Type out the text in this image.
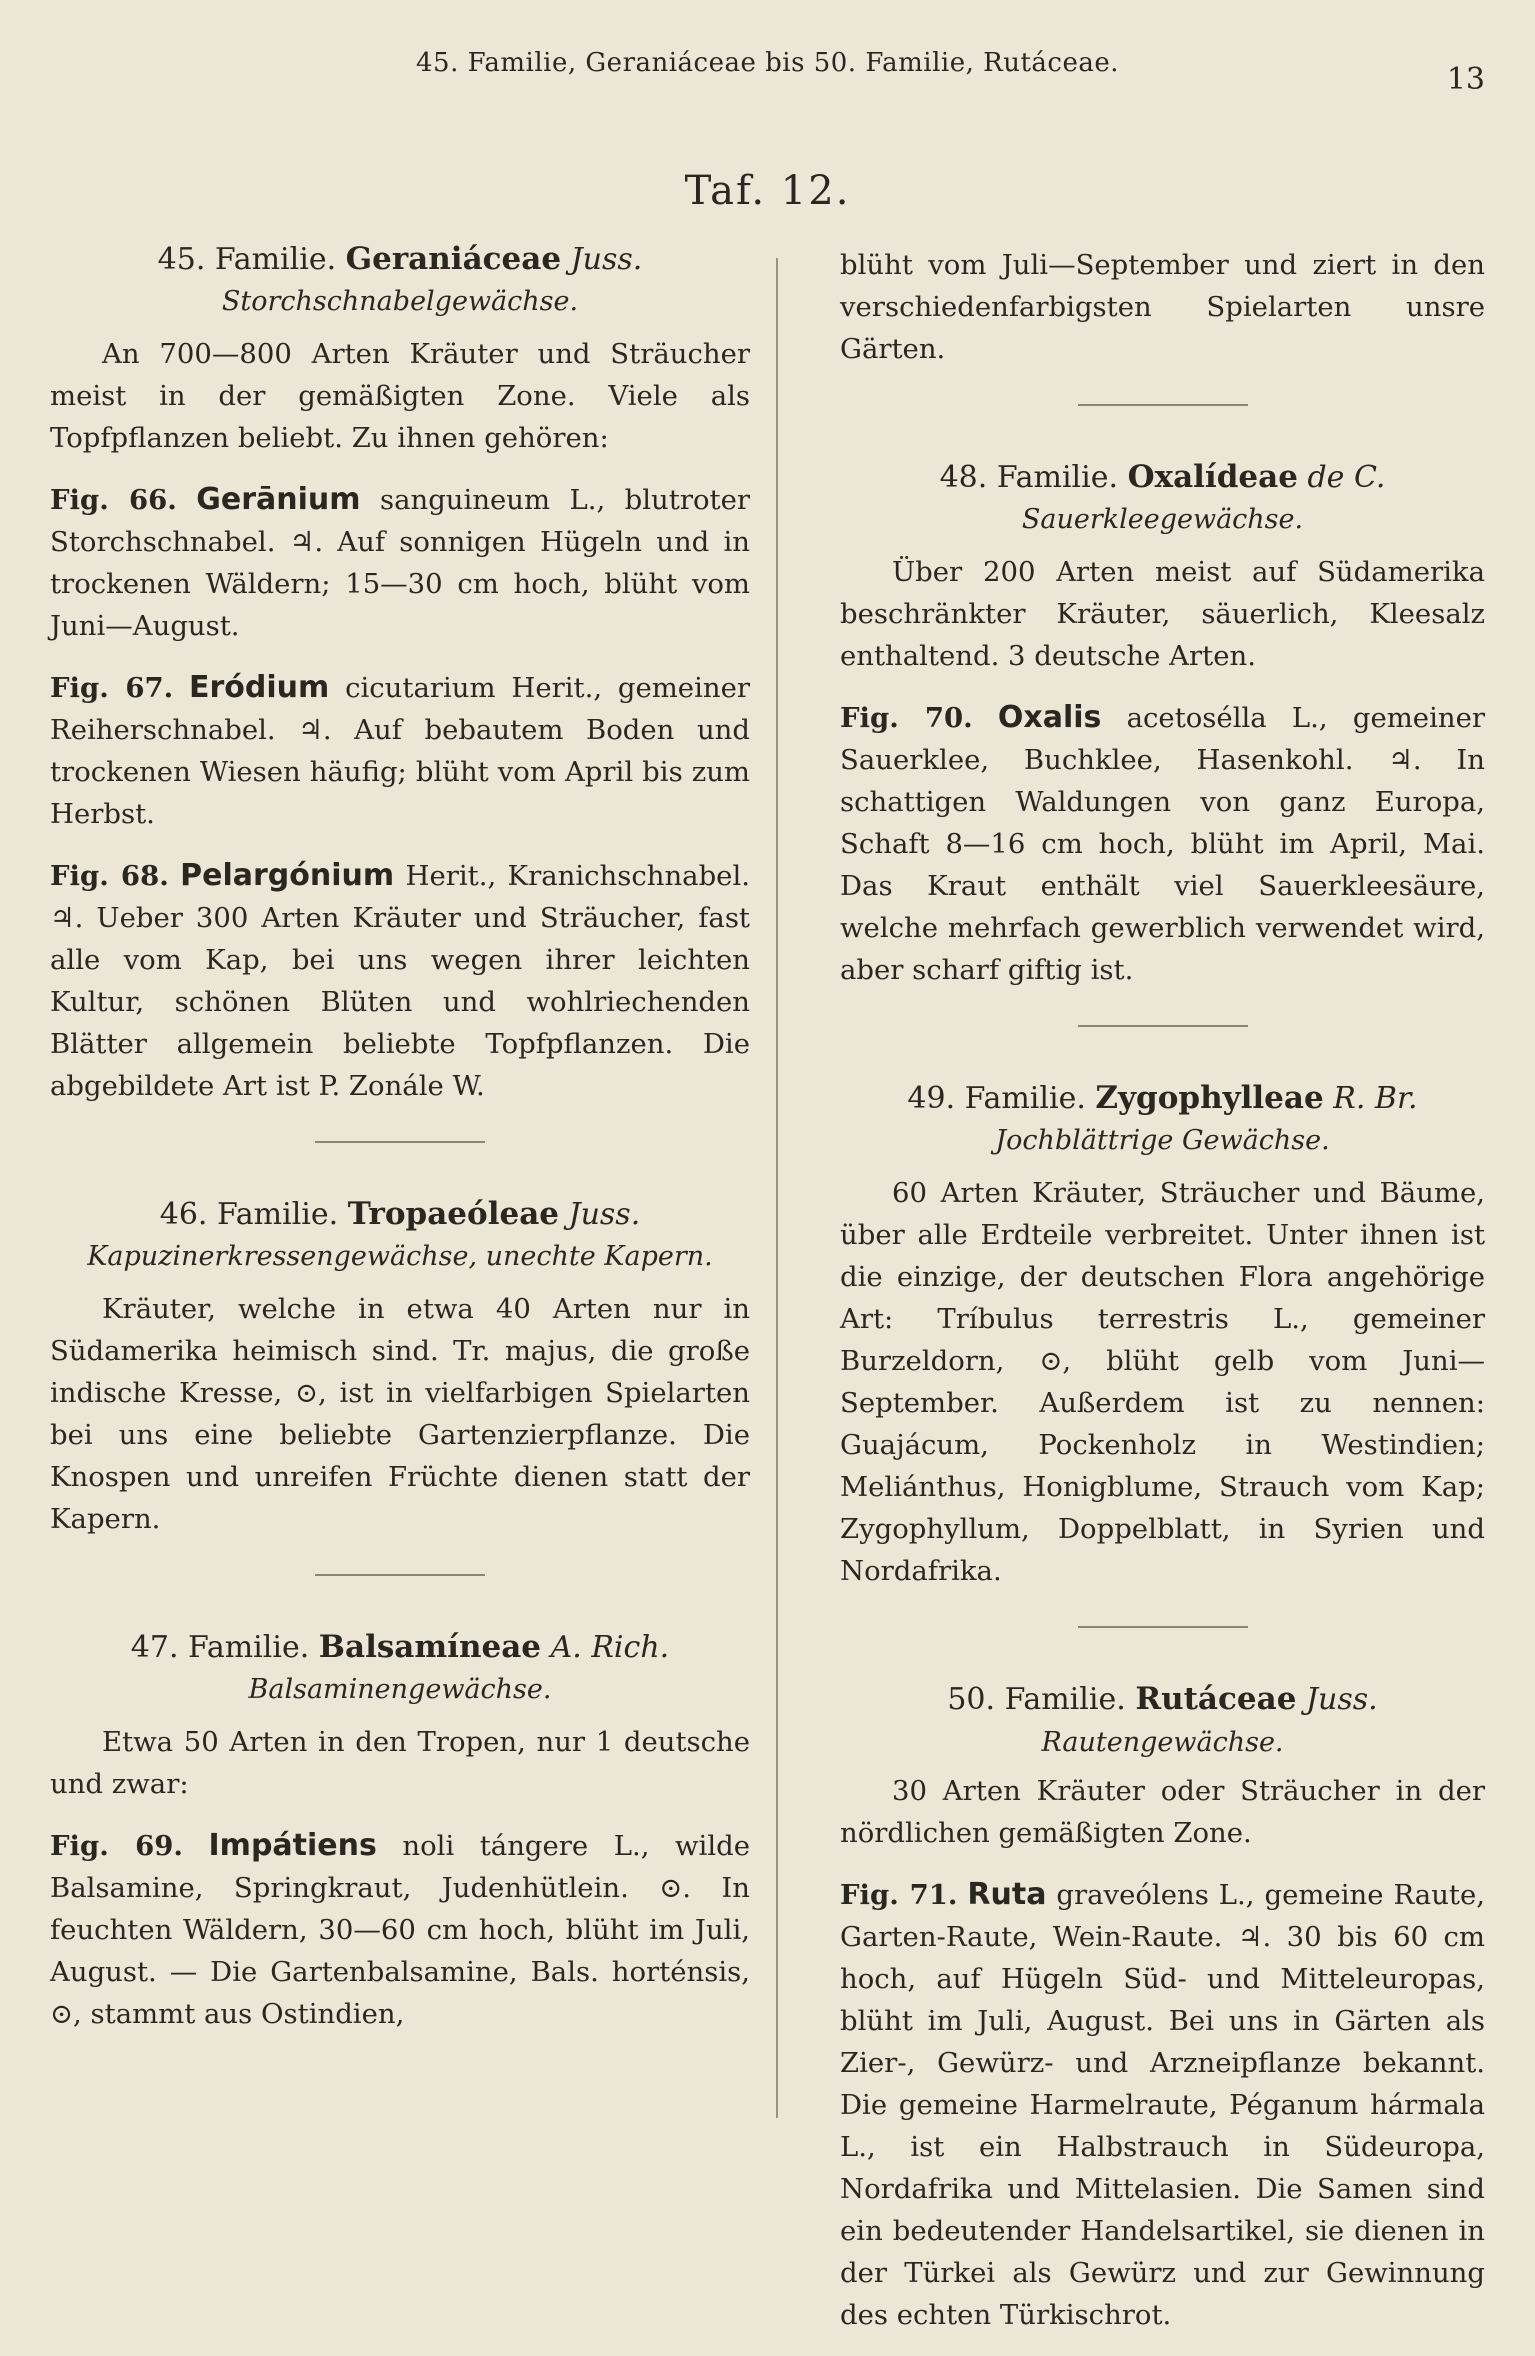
45. Familie, Geraniáceae bis 50. Familie, Rutáceae.	13
Taf. 12.
45. Familie. Geraniáceae Juss.
Storchschnabelgewächse.
An 700—800 Arten Kräuter und Sträucher meist in der gemäßigten Zone. Viele als Topfpflanzen beliebt. Zu ihnen gehören:
Fig. 66. Gerānium sanguineum L., blutroter Storchschnabel. ♃. Auf sonnigen Hügeln und in trockenen Wäldern; 15—30 cm hoch, blüht vom Juni—August.
Fig. 67. Eródium cicutarium Herit., gemeiner Reiherschnabel. ♃. Auf bebautem Boden und trockenen Wiesen häufig; blüht vom April bis zum Herbst.
Fig. 68. Pelargónium Herit., Kranichschnabel. ♃. Ueber 300 Arten Kräuter und Sträucher, fast alle vom Kap, bei uns wegen ihrer leichten Kultur, schönen Blüten und wohlriechenden Blätter allgemein beliebte Topfpflanzen. Die abgebildete Art ist P. Zonále W.
46. Familie. Tropaeóleae Juss.
Kapuzinerkressengewächse, unechte Kapern.
Kräuter, welche in etwa 40 Arten nur in Südamerika heimisch sind. Tr. majus, die große indische Kresse, ⊙, ist in vielfarbigen Spielarten bei uns eine beliebte Gartenzierpflanze. Die Knospen und unreifen Früchte dienen statt der Kapern.
47. Familie. Balsamíneae A. Rich.
Balsaminengewächse.
Etwa 50 Arten in den Tropen, nur 1 deutsche und zwar:
Fig. 69. Impátiens noli tángere L., wilde Balsamine, Springkraut, Judenhütlein. ⊙. In feuchten Wäldern, 30—60 cm hoch, blüht im Juli, August. — Die Gartenbalsamine, Bals. horténsis, ⊙, stammt aus Ostindien,
blüht vom Juli—September und ziert in den verschiedenfarbigsten Spielarten unsre Gärten.
48. Familie. Oxalídeae de C.
Sauerkleegewächse.
Über 200 Arten meist auf Südamerika beschränkter Kräuter, säuerlich, Kleesalz enthaltend. 3 deutsche Arten.
Fig. 70. Oxalis acetosélla L., gemeiner Sauerklee, Buchklee, Hasenkohl. ♃. In schattigen Waldungen von ganz Europa, Schaft 8—16 cm hoch, blüht im April, Mai. Das Kraut enthält viel Sauerkleesäure, welche mehrfach gewerblich verwendet wird, aber scharf giftig ist.
49. Familie. Zygophylleae R. Br.
Jochblättrige Gewächse.
60 Arten Kräuter, Sträucher und Bäume, über alle Erdteile verbreitet. Unter ihnen ist die einzige, der deutschen Flora angehörige Art: Tríbulus terrestris L., gemeiner Burzeldorn, ⊙, blüht gelb vom Juni—September. Außerdem ist zu nennen: Guajácum, Pockenholz in Westindien; Meliánthus, Honigblume, Strauch vom Kap; Zygophyllum, Doppelblatt, in Syrien und Nordafrika.
50. Familie. Rutáceae Juss. Rautengewächse.
30 Arten Kräuter oder Sträucher in der nördlichen gemäßigten Zone.
Fig. 71. Ruta graveólens L., gemeine Raute, Garten-Raute, Wein-Raute. ♃. 30 bis 60 cm hoch, auf Hügeln Süd- und Mitteleuropas, blüht im Juli, August. Bei uns in Gärten als Zier-, Gewürz- und Arzneipflanze bekannt. Die gemeine Harmelraute, Péganum hármala L., ist ein Halbstrauch in Südeuropa, Nordafrika und Mittelasien. Die Samen sind ein bedeutender Handelsartikel, sie dienen in der Türkei als Gewürz und zur Gewinnung des echten Türkischrot.
